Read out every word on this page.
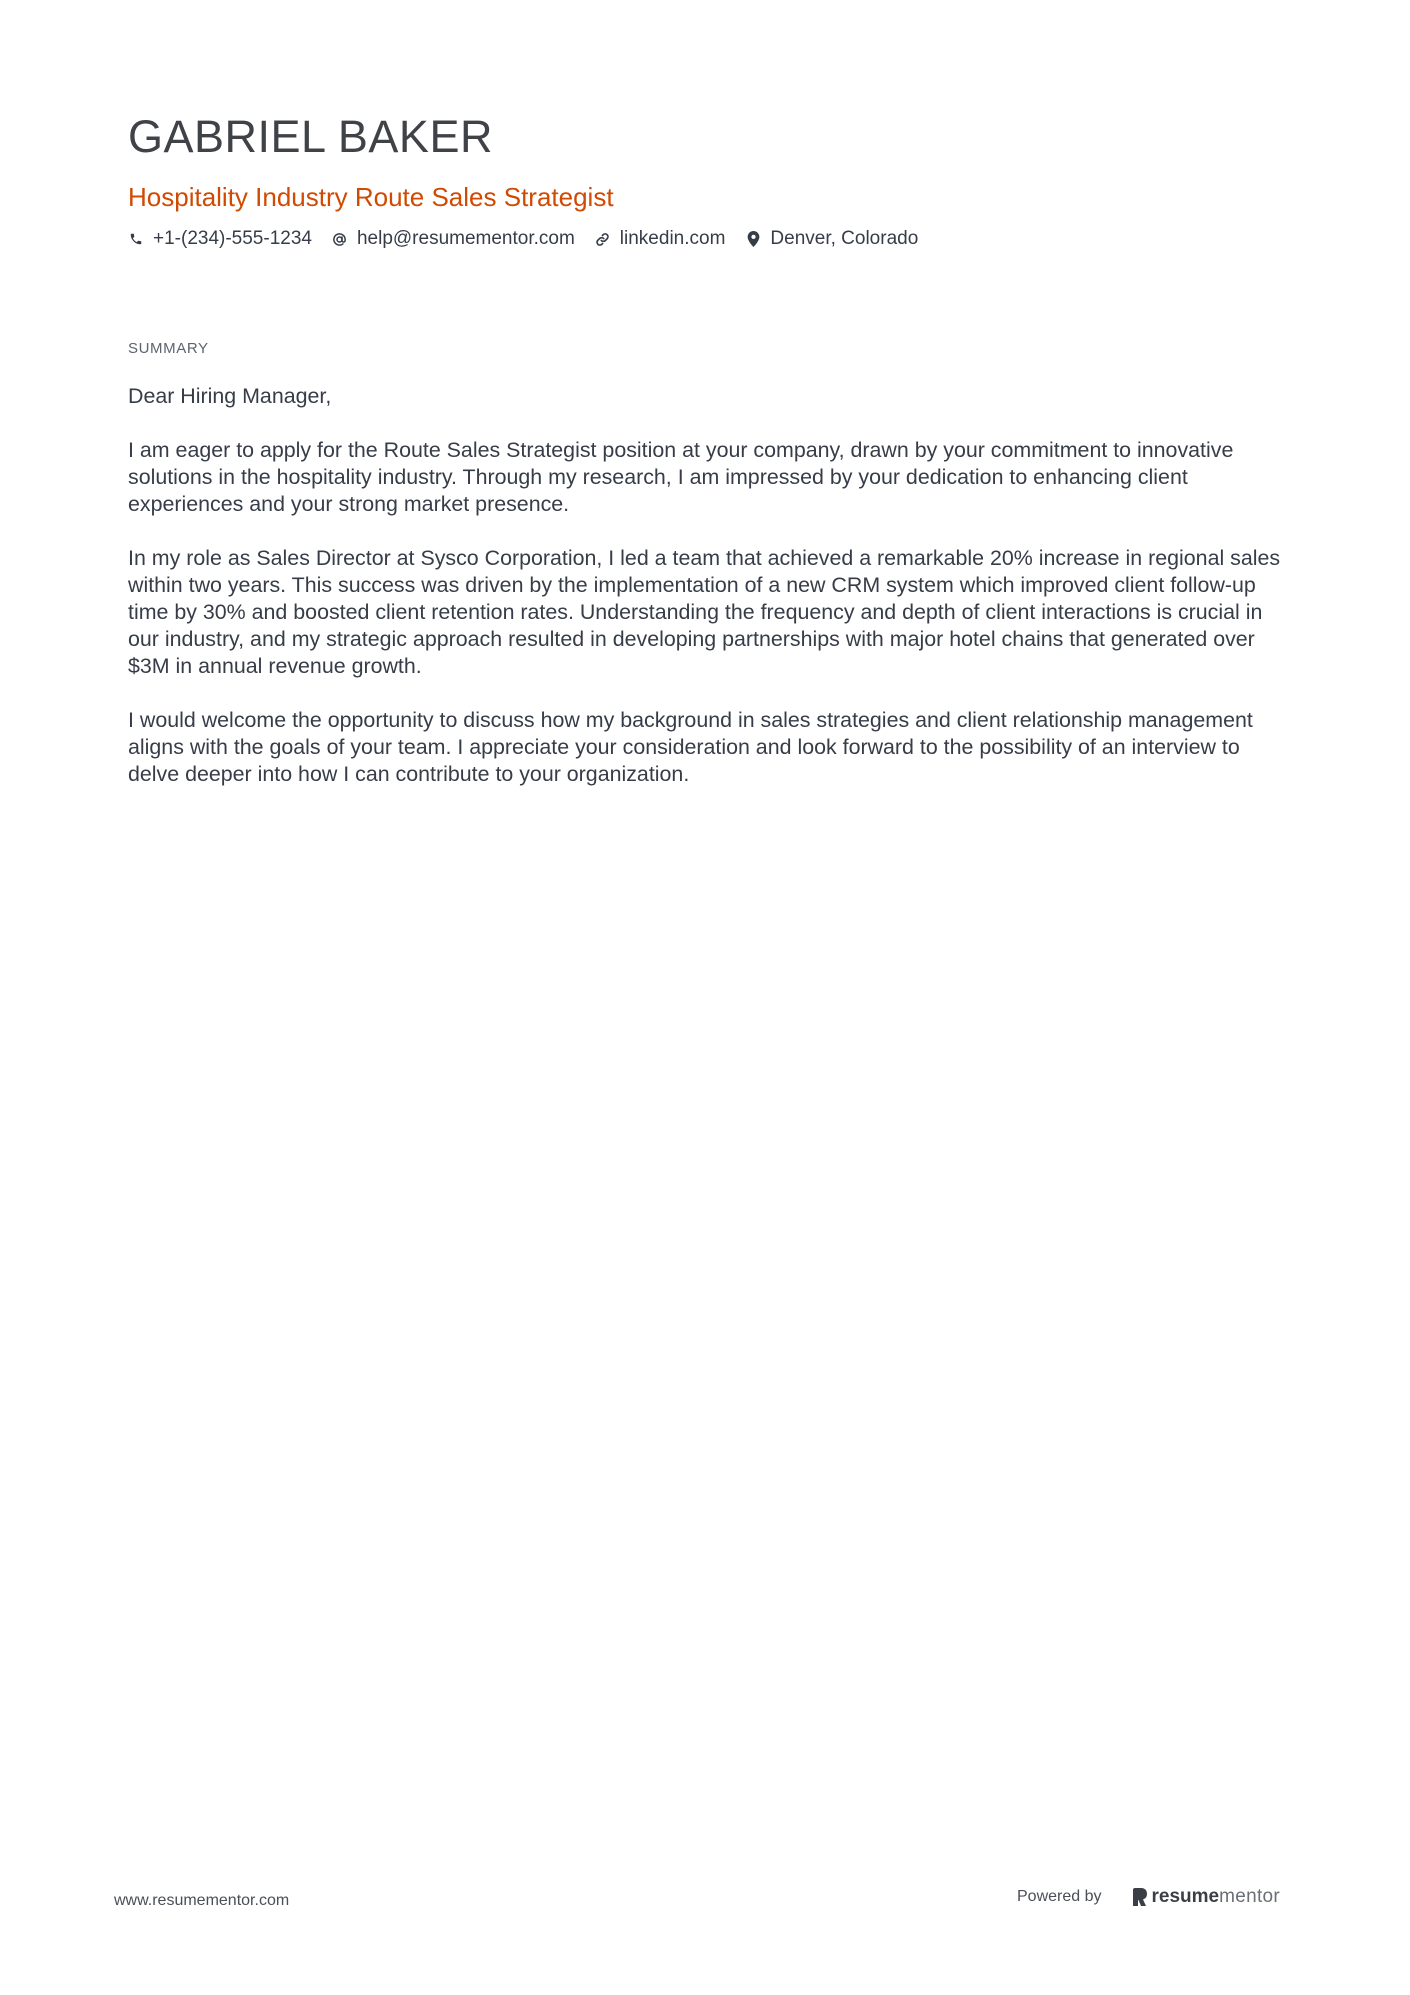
GABRIEL BAKER
Hospitality Industry Route Sales Strategist
+1-(234)-555-1234 help@resumementor.com linkedin.com Denver, Colorado
SUMMARY

Dear Hiring Manager,

I am eager to apply for the Route Sales Strategist position at your company, drawn by your commitment to innovative solutions in the hospitality industry. Through my research, I am impressed by your dedication to enhancing client experiences and your strong market presence.

In my role as Sales Director at Sysco Corporation, I led a team that achieved a remarkable 20% increase in regional sales within two years. This success was driven by the implementation of a new CRM system which improved client follow-up time by 30% and boosted client retention rates. Understanding the frequency and depth of client interactions is crucial in our industry, and my strategic approach resulted in developing partnerships with major hotel chains that generated over $3M in annual revenue growth.

I would welcome the opportunity to discuss how my background in sales strategies and client relationship management aligns with the goals of your team. I appreciate your consideration and look forward to the possibility of an interview to delve deeper into how I can contribute to your organization.

www.resumementor.com	Powered by	resume mentor
